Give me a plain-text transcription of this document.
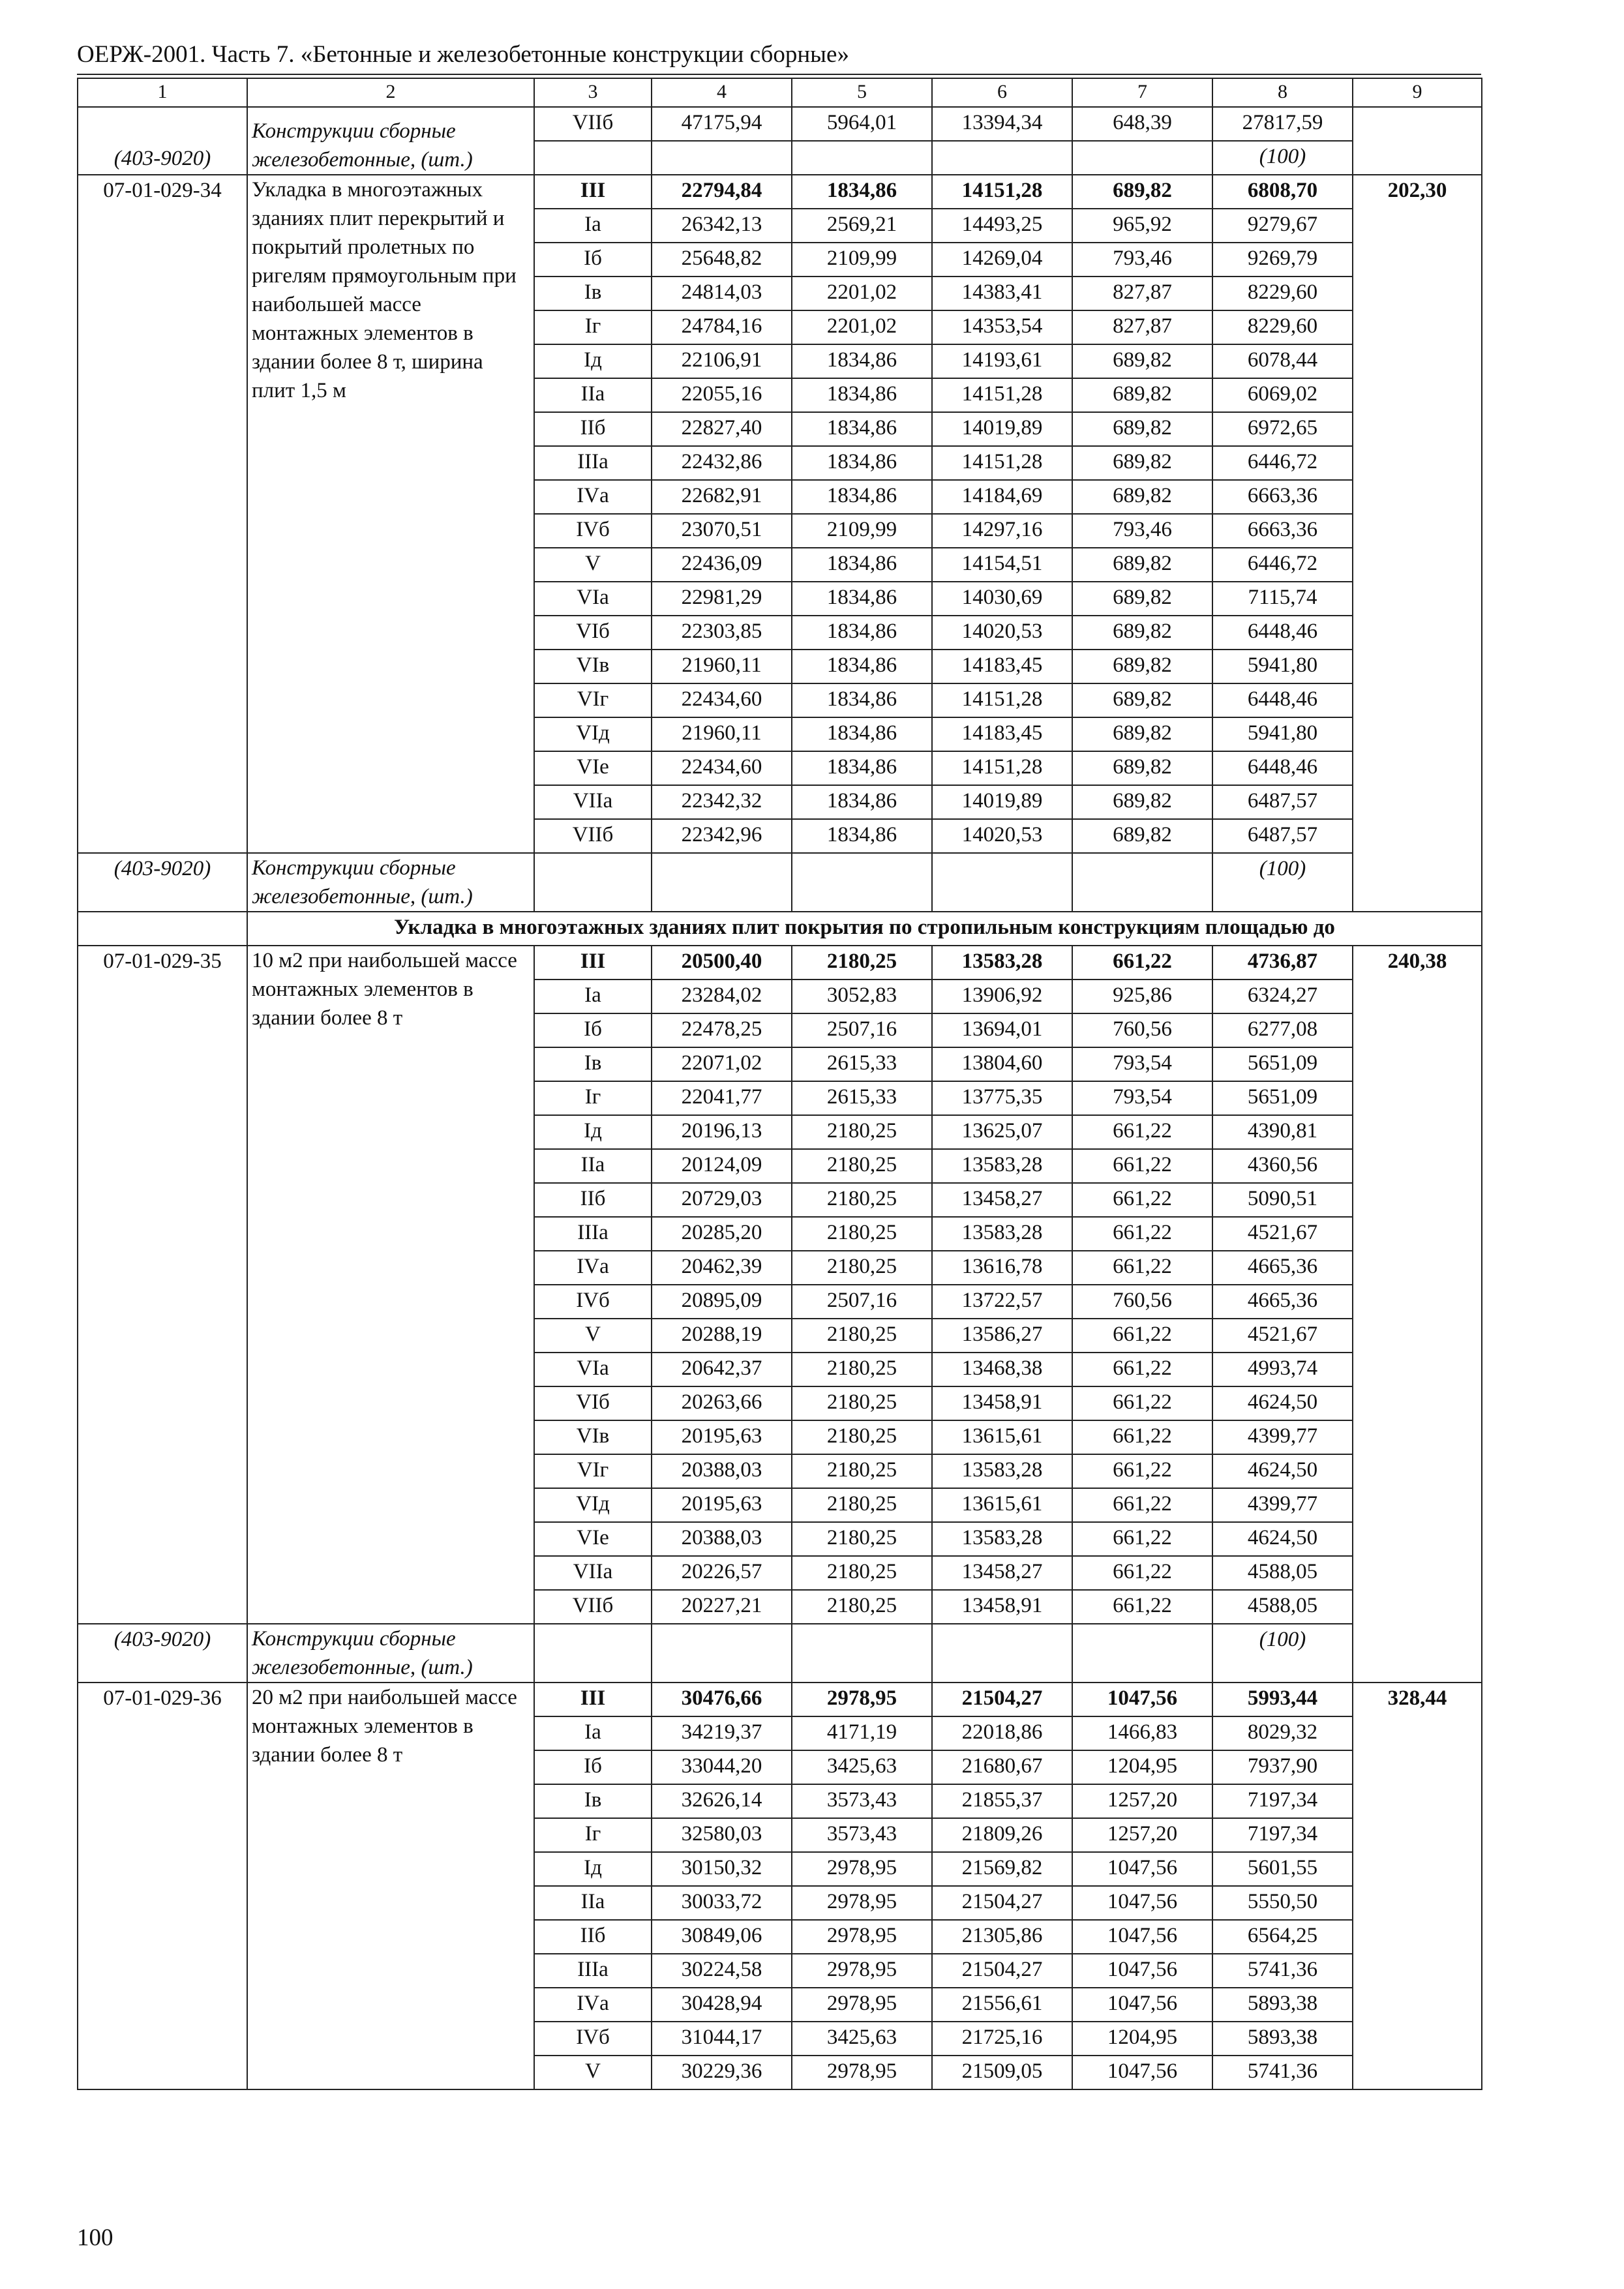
ОЕРЖ-2001. Часть 7. «Бетонные и железобетонные конструкции сборные»
1	2	3	4	5	6	7	8	9
(403-9020)	Конструкции сборные железобетонные, (шт.)	VIIб	47175,94	5964,01	13394,34	648,39	27817,59	
							(100)	
07-01-029-34	Укладка в многоэтажных зданиях плит перекрытий и покрытий пролетных по ригелям прямоугольным при наибольшей массе монтажных элементов в здании более 8 т, ширина плит 1,5 м	III	22794,84	1834,86	14151,28	689,82	6808,70	202,30
		Iа	26342,13	2569,21	14493,25	965,92	9279,67	
		Iб	25648,82	2109,99	14269,04	793,46	9269,79	
		Iв	24814,03	2201,02	14383,41	827,87	8229,60	
		Iг	24784,16	2201,02	14353,54	827,87	8229,60	
		Iд	22106,91	1834,86	14193,61	689,82	6078,44	
		IIа	22055,16	1834,86	14151,28	689,82	6069,02	
		IIб	22827,40	1834,86	14019,89	689,82	6972,65	
		IIIа	22432,86	1834,86	14151,28	689,82	6446,72	
		IVа	22682,91	1834,86	14184,69	689,82	6663,36	
		IVб	23070,51	2109,99	14297,16	793,46	6663,36	
		V	22436,09	1834,86	14154,51	689,82	6446,72	
		VIа	22981,29	1834,86	14030,69	689,82	7115,74	
		VIб	22303,85	1834,86	14020,53	689,82	6448,46	
		VIв	21960,11	1834,86	14183,45	689,82	5941,80	
		VIг	22434,60	1834,86	14151,28	689,82	6448,46	
		VIд	21960,11	1834,86	14183,45	689,82	5941,80	
		VIе	22434,60	1834,86	14151,28	689,82	6448,46	
		VIIа	22342,32	1834,86	14019,89	689,82	6487,57	
		VIIб	22342,96	1834,86	14020,53	689,82	6487,57	
(403-9020)	Конструкции сборные железобетонные, (шт.)						(100)	
	Укладка в многоэтажных зданиях плит покрытия по стропильным конструкциям площадью до							
07-01-029-35	10 м2 при наибольшей массе монтажных элементов в здании более 8 т	III	20500,40	2180,25	13583,28	661,22	4736,87	240,38
		Iа	23284,02	3052,83	13906,92	925,86	6324,27	
		Iб	22478,25	2507,16	13694,01	760,56	6277,08	
		Iв	22071,02	2615,33	13804,60	793,54	5651,09	
		Iг	22041,77	2615,33	13775,35	793,54	5651,09	
		Iд	20196,13	2180,25	13625,07	661,22	4390,81	
		IIа	20124,09	2180,25	13583,28	661,22	4360,56	
		IIб	20729,03	2180,25	13458,27	661,22	5090,51	
		IIIа	20285,20	2180,25	13583,28	661,22	4521,67	
		IVа	20462,39	2180,25	13616,78	661,22	4665,36	
		IVб	20895,09	2507,16	13722,57	760,56	4665,36	
		V	20288,19	2180,25	13586,27	661,22	4521,67	
		VIа	20642,37	2180,25	13468,38	661,22	4993,74	
		VIб	20263,66	2180,25	13458,91	661,22	4624,50	
		VIв	20195,63	2180,25	13615,61	661,22	4399,77	
		VIг	20388,03	2180,25	13583,28	661,22	4624,50	
		VIд	20195,63	2180,25	13615,61	661,22	4399,77	
		VIе	20388,03	2180,25	13583,28	661,22	4624,50	
		VIIа	20226,57	2180,25	13458,27	661,22	4588,05	
		VIIб	20227,21	2180,25	13458,91	661,22	4588,05	
(403-9020)	Конструкции сборные железобетонные, (шт.)						(100)	
07-01-029-36	20 м2 при наибольшей массе монтажных элементов в здании более 8 т	III	30476,66	2978,95	21504,27	1047,56	5993,44	328,44
		Iа	34219,37	4171,19	22018,86	1466,83	8029,32	
		Iб	33044,20	3425,63	21680,67	1204,95	7937,90	
		Iв	32626,14	3573,43	21855,37	1257,20	7197,34	
		Iг	32580,03	3573,43	21809,26	1257,20	7197,34	
		Iд	30150,32	2978,95	21569,82	1047,56	5601,55	
		IIа	30033,72	2978,95	21504,27	1047,56	5550,50	
		IIб	30849,06	2978,95	21305,86	1047,56	6564,25	
		IIIа	30224,58	2978,95	21504,27	1047,56	5741,36	
		IVа	30428,94	2978,95	21556,61	1047,56	5893,38	
		IVб	31044,17	3425,63	21725,16	1204,95	5893,38	
		V	30229,36	2978,95	21509,05	1047,56	5741,36	
100
